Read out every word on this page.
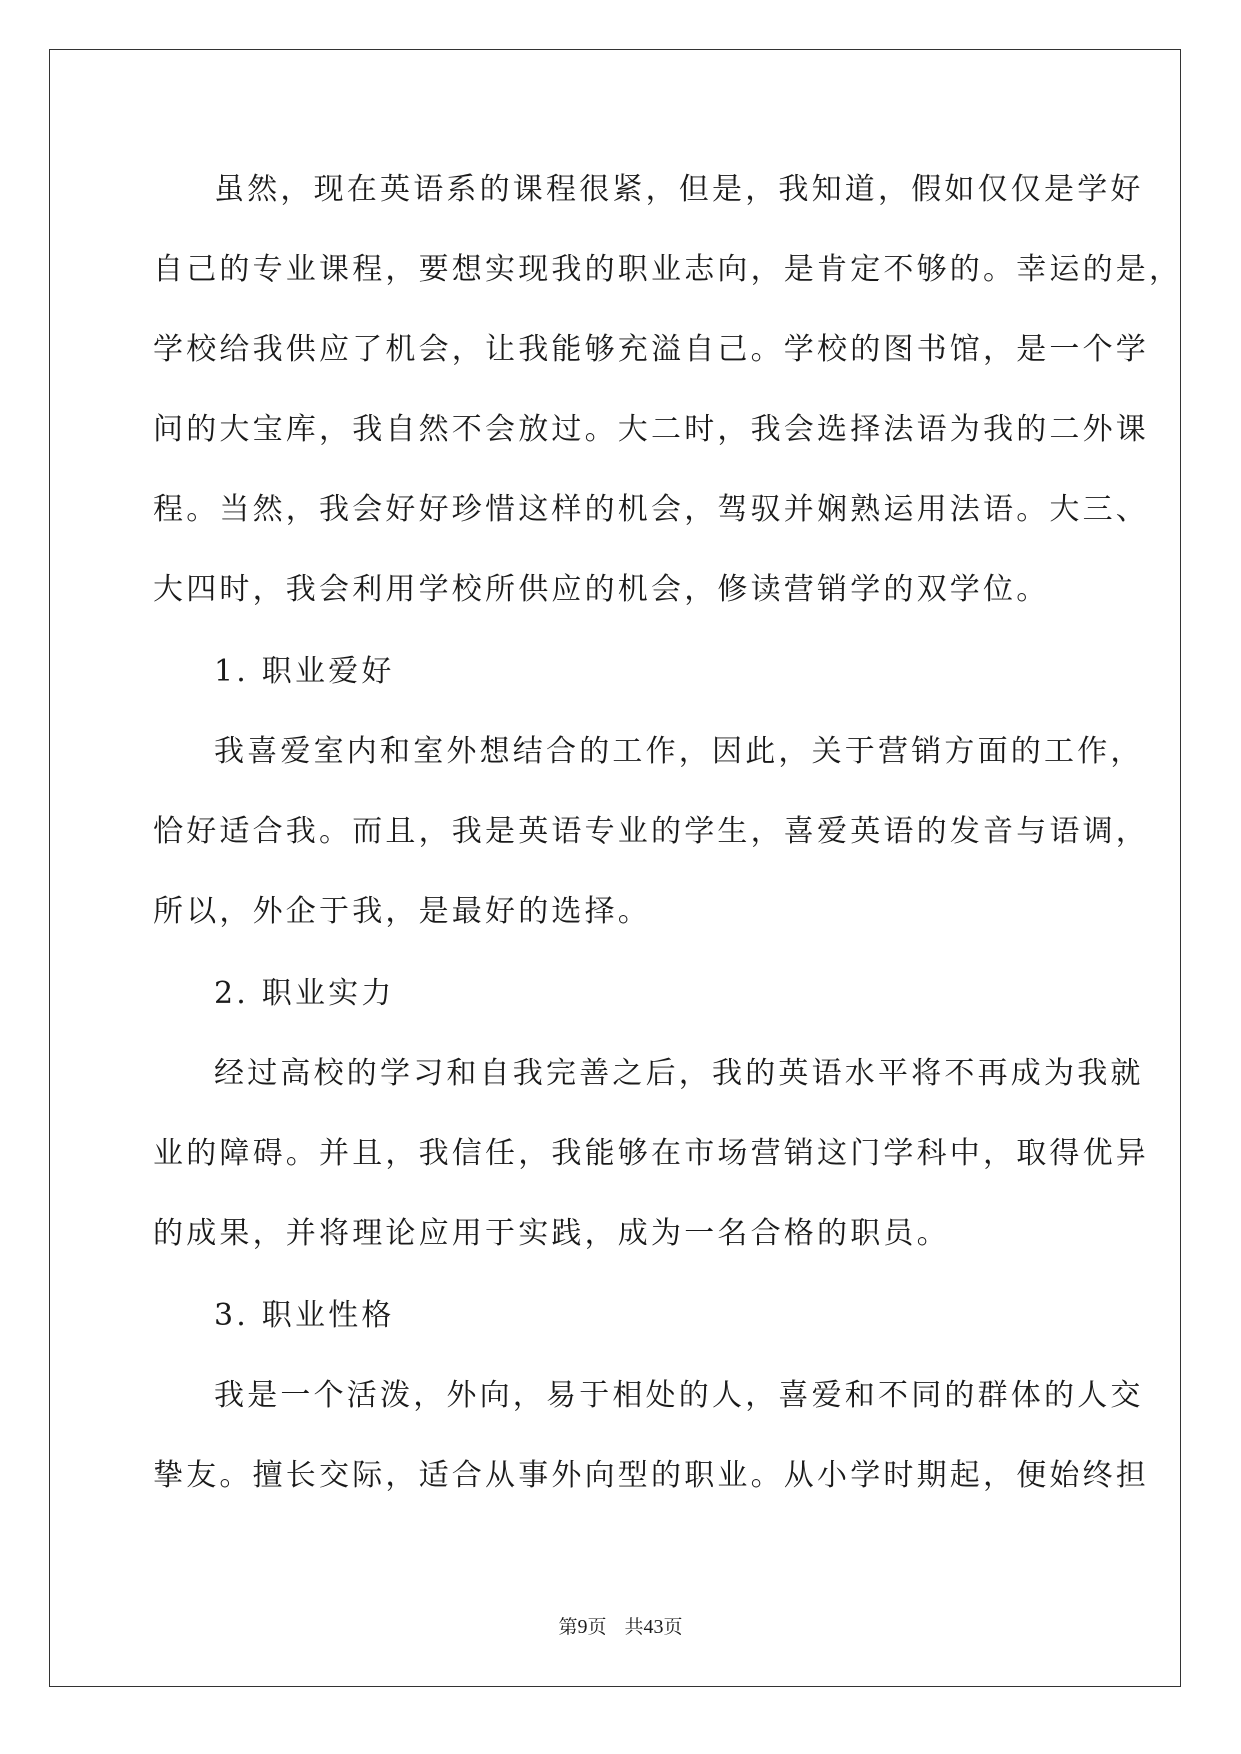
虽然，现在英语系的课程很紧，但是，我知道，假如仅仅是学好
自己的专业课程，要想实现我的职业志向，是肯定不够的。幸运的是，
学校给我供应了机会，让我能够充溢自己。学校的图书馆，是一个学
问的大宝库，我自然不会放过。大二时，我会选择法语为我的二外课
程。当然，我会好好珍惜这样的机会，驾驭并娴熟运用法语。大三、
大四时，我会利用学校所供应的机会，修读营销学的双学位。
1. 职业爱好
我喜爱室内和室外想结合的工作，因此，关于营销方面的工作，
恰好适合我。而且，我是英语专业的学生，喜爱英语的发音与语调，
所以，外企于我，是最好的选择。
2. 职业实力
经过高校的学习和自我完善之后，我的英语水平将不再成为我就
业的障碍。并且，我信任，我能够在市场营销这门学科中，取得优异
的成果，并将理论应用于实践，成为一名合格的职员。
3. 职业性格
我是一个活泼，外向，易于相处的人，喜爱和不同的群体的人交
挚友。擅长交际，适合从事外向型的职业。从小学时期起，便始终担
第9页 共43页
